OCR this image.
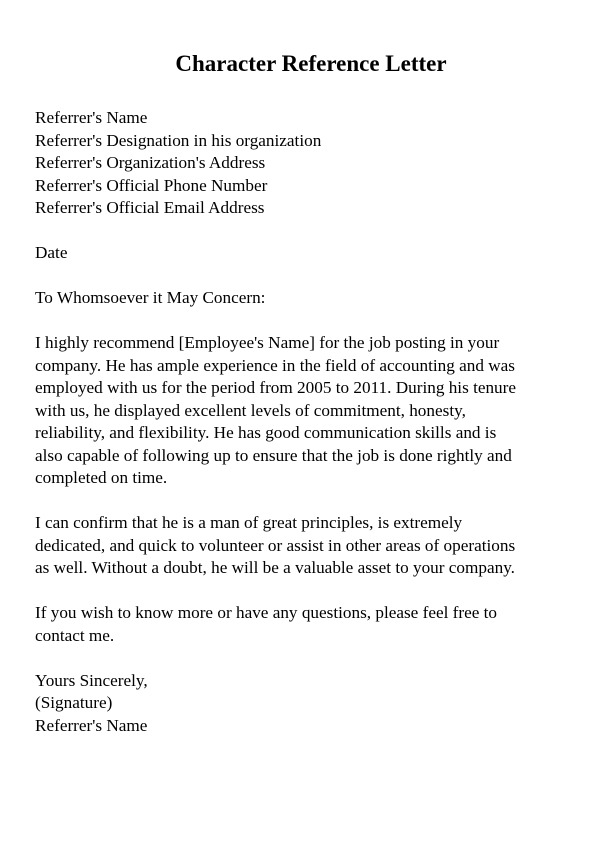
Character Reference Letter
Referrer's Name
Referrer's Designation in his organization
Referrer's Organization's Address
Referrer's Official Phone Number
Referrer's Official Email Address
Date
To Whomsoever it May Concern:
I highly recommend [Employee's Name] for the job posting in your
company. He has ample experience in the field of accounting and was
employed with us for the period from 2005 to 2011. During his tenure
with us, he displayed excellent levels of commitment, honesty,
reliability, and flexibility. He has good communication skills and is
also capable of following up to ensure that the job is done rightly and
completed on time.
I can confirm that he is a man of great principles, is extremely
dedicated, and quick to volunteer or assist in other areas of operations
as well. Without a doubt, he will be a valuable asset to your company.
If you wish to know more or have any questions, please feel free to
contact me.
Yours Sincerely,
(Signature)
Referrer's Name
